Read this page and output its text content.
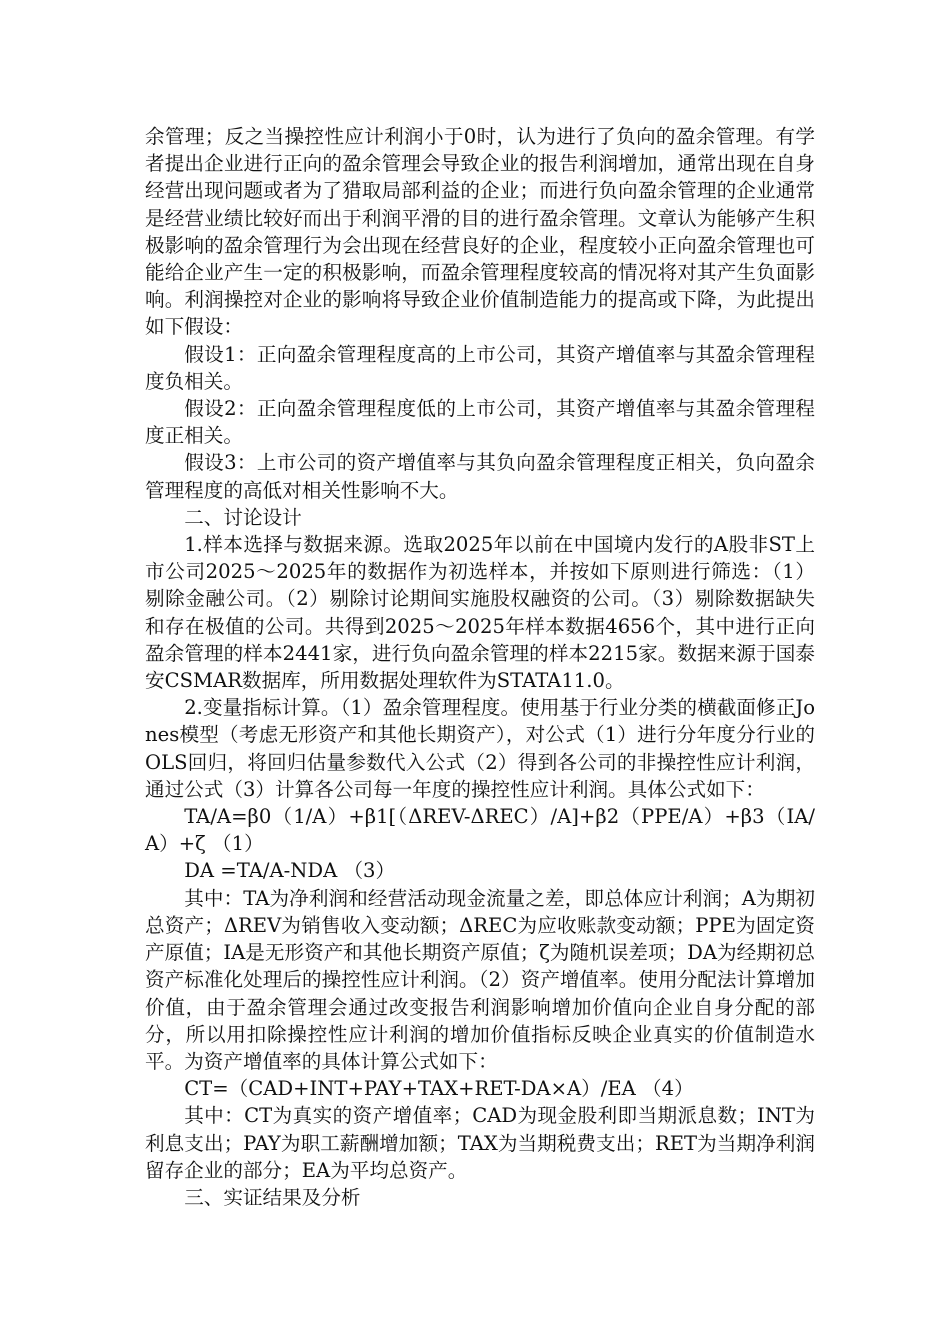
余管理；反之当操控性应计利润小于0时，认为进行了负向的盈余管理。有学者提出企业进行正向的盈余管理会导致企业的报告利润增加，通常出现在自身经营出现问题或者为了猎取局部利益的企业；而进行负向盈余管理的企业通常是经营业绩比较好而出于利润平滑的目的进行盈余管理。文章认为能够产生积极影响的盈余管理行为会出现在经营良好的企业，程度较小正向盈余管理也可能给企业产生一定的积极影响，而盈余管理程度较高的情况将对其产生负面影响。利润操控对企业的影响将导致企业价值制造能力的提高或下降，为此提出如下假设：

假设1：正向盈余管理程度高的上市公司，其资产增值率与其盈余管理程度负相关。

假设2：正向盈余管理程度低的上市公司，其资产增值率与其盈余管理程度正相关。

假设3：上市公司的资产增值率与其负向盈余管理程度正相关，负向盈余管理程度的高低对相关性影响不大。

二、讨论设计

1.样本选择与数据来源。选取2025年以前在中国境内发行的A股非ST上市公司2025～2025年的数据作为初选样本，并按如下原则进行筛选：（1）剔除金融公司。（2）剔除讨论期间实施股权融资的公司。（3）剔除数据缺失和存在极值的公司。共得到2025～2025年样本数据4656个，其中进行正向盈余管理的样本2441家，进行负向盈余管理的样本2215家。数据来源于国泰安CSMAR数据库，所用数据处理软件为STATA11.0。

2.变量指标计算。（1）盈余管理程度。使用基于行业分类的横截面修正Jones模型（考虑无形资产和其他长期资产），对公式（1）进行分年度分行业的OLS回归，将回归估量参数代入公式（2）得到各公司的非操控性应计利润，通过公式（3）计算各公司每一年度的操控性应计利润。具体公式如下：

TA/A=β0（1/A）+β1[（ΔREV-ΔREC）/A]+β2（PPE/A）+β3（IA/A）+ζ （1）

DA =TA/A-NDA （3）

其中：TA为净利润和经营活动现金流量之差，即总体应计利润；A为期初总资产；ΔREV为销售收入变动额；ΔREC为应收账款变动额；PPE为固定资产原值；IA是无形资产和其他长期资产原值；ζ为随机误差项；DA为经期初总资产标准化处理后的操控性应计利润。（2）资产增值率。使用分配法计算增加价值，由于盈余管理会通过改变报告利润影响增加价值向企业自身分配的部分，所以用扣除操控性应计利润的增加价值指标反映企业真实的价值制造水平。为资产增值率的具体计算公式如下：

CT=（CAD+INT+PAY+TAX+RET-DA×A）/EA （4）

其中：CT为真实的资产增值率；CAD为现金股利即当期派息数；INT为利息支出；PAY为职工薪酬增加额；TAX为当期税费支出；RET为当期净利润留存企业的部分；EA为平均总资产。

三、实证结果及分析
